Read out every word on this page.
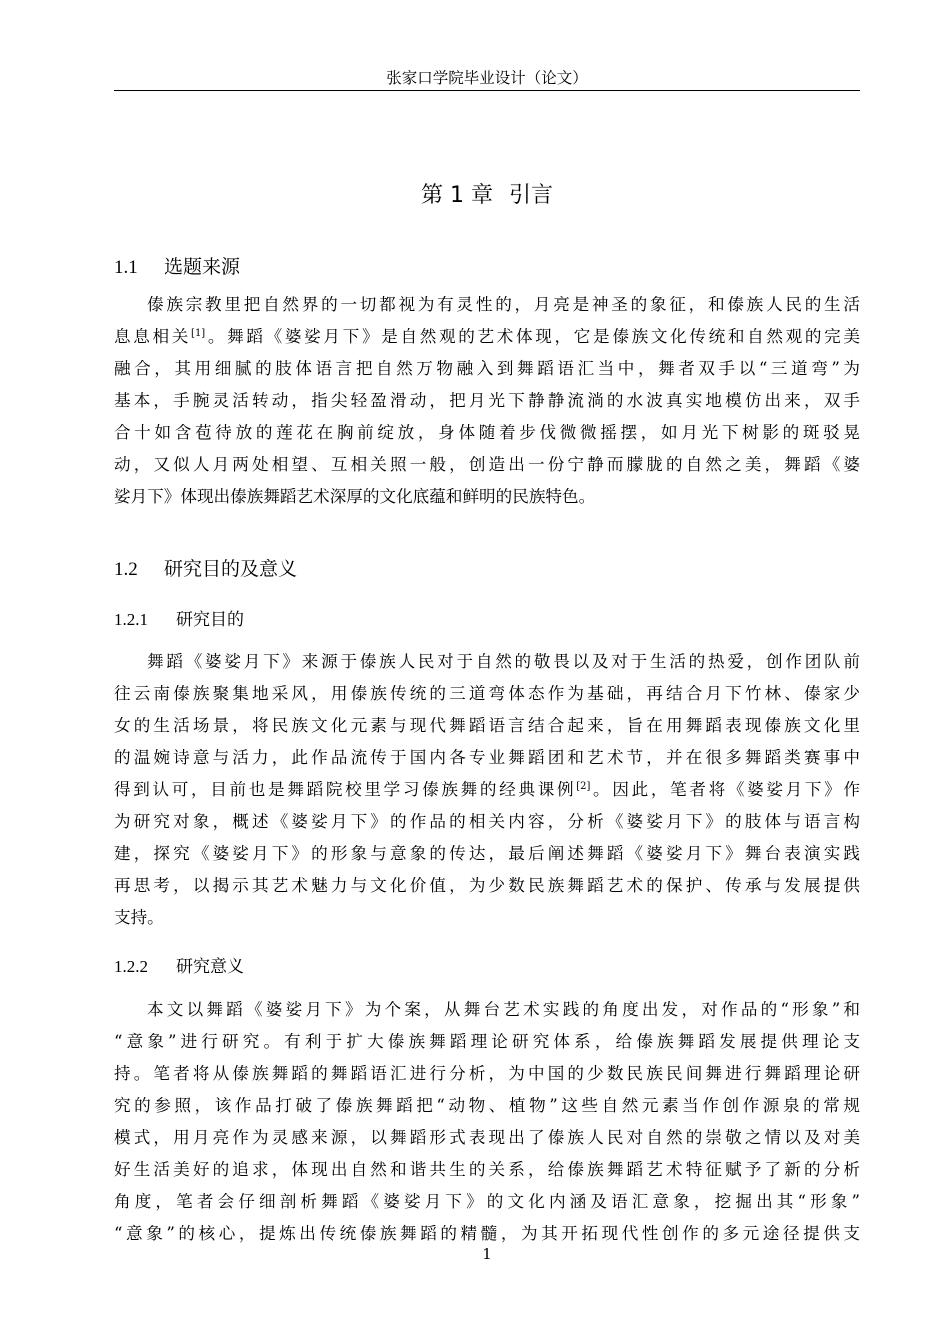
张家口学院毕业设计（论文）
第 1 章 引言
1.1 选题来源
傣族宗教里把自然界的一切都视为有灵性的，月亮是神圣的象征，和傣族人民的生活
息息相关[1]。舞蹈《婆娑月下》是自然观的艺术体现，它是傣族文化传统和自然观的完美
融合，其用细腻的肢体语言把自然万物融入到舞蹈语汇当中，舞者双手以“三道弯”为
基本，手腕灵活转动，指尖轻盈滑动，把月光下静静流淌的水波真实地模仿出来，双手
合十如含苞待放的莲花在胸前绽放，身体随着步伐微微摇摆，如月光下树影的斑驳晃
动，又似人月两处相望、互相关照一般，创造出一份宁静而朦胧的自然之美，舞蹈《婆
娑月下》体现出傣族舞蹈艺术深厚的文化底蕴和鲜明的民族特色。
1.2 研究目的及意义
1.2.1 研究目的
舞蹈《婆娑月下》来源于傣族人民对于自然的敬畏以及对于生活的热爱，创作团队前
往云南傣族聚集地采风，用傣族传统的三道弯体态作为基础，再结合月下竹林、傣家少
女的生活场景，将民族文化元素与现代舞蹈语言结合起来，旨在用舞蹈表现傣族文化里
的温婉诗意与活力，此作品流传于国内各专业舞蹈团和艺术节，并在很多舞蹈类赛事中
得到认可，目前也是舞蹈院校里学习傣族舞的经典课例[2]。因此，笔者将《婆娑月下》作
为研究对象，概述《婆娑月下》的作品的相关内容，分析《婆娑月下》的肢体与语言构
建，探究《婆娑月下》的形象与意象的传达，最后阐述舞蹈《婆娑月下》舞台表演实践
再思考，以揭示其艺术魅力与文化价值，为少数民族舞蹈艺术的保护、传承与发展提供
支持。
1.2.2 研究意义
本文以舞蹈《婆娑月下》为个案，从舞台艺术实践的角度出发，对作品的“形象”和
“意象”进行研究。有利于扩大傣族舞蹈理论研究体系，给傣族舞蹈发展提供理论支
持。笔者将从傣族舞蹈的舞蹈语汇进行分析，为中国的少数民族民间舞进行舞蹈理论研
究的参照，该作品打破了傣族舞蹈把“动物、植物”这些自然元素当作创作源泉的常规
模式，用月亮作为灵感来源，以舞蹈形式表现出了傣族人民对自然的崇敬之情以及对美
好生活美好的追求，体现出自然和谐共生的关系，给傣族舞蹈艺术特征赋予了新的分析
角度，笔者会仔细剖析舞蹈《婆娑月下》的文化内涵及语汇意象，挖掘出其“形象”
“意象”的核心，提炼出传统傣族舞蹈的精髓，为其开拓现代性创作的多元途径提供支
1
